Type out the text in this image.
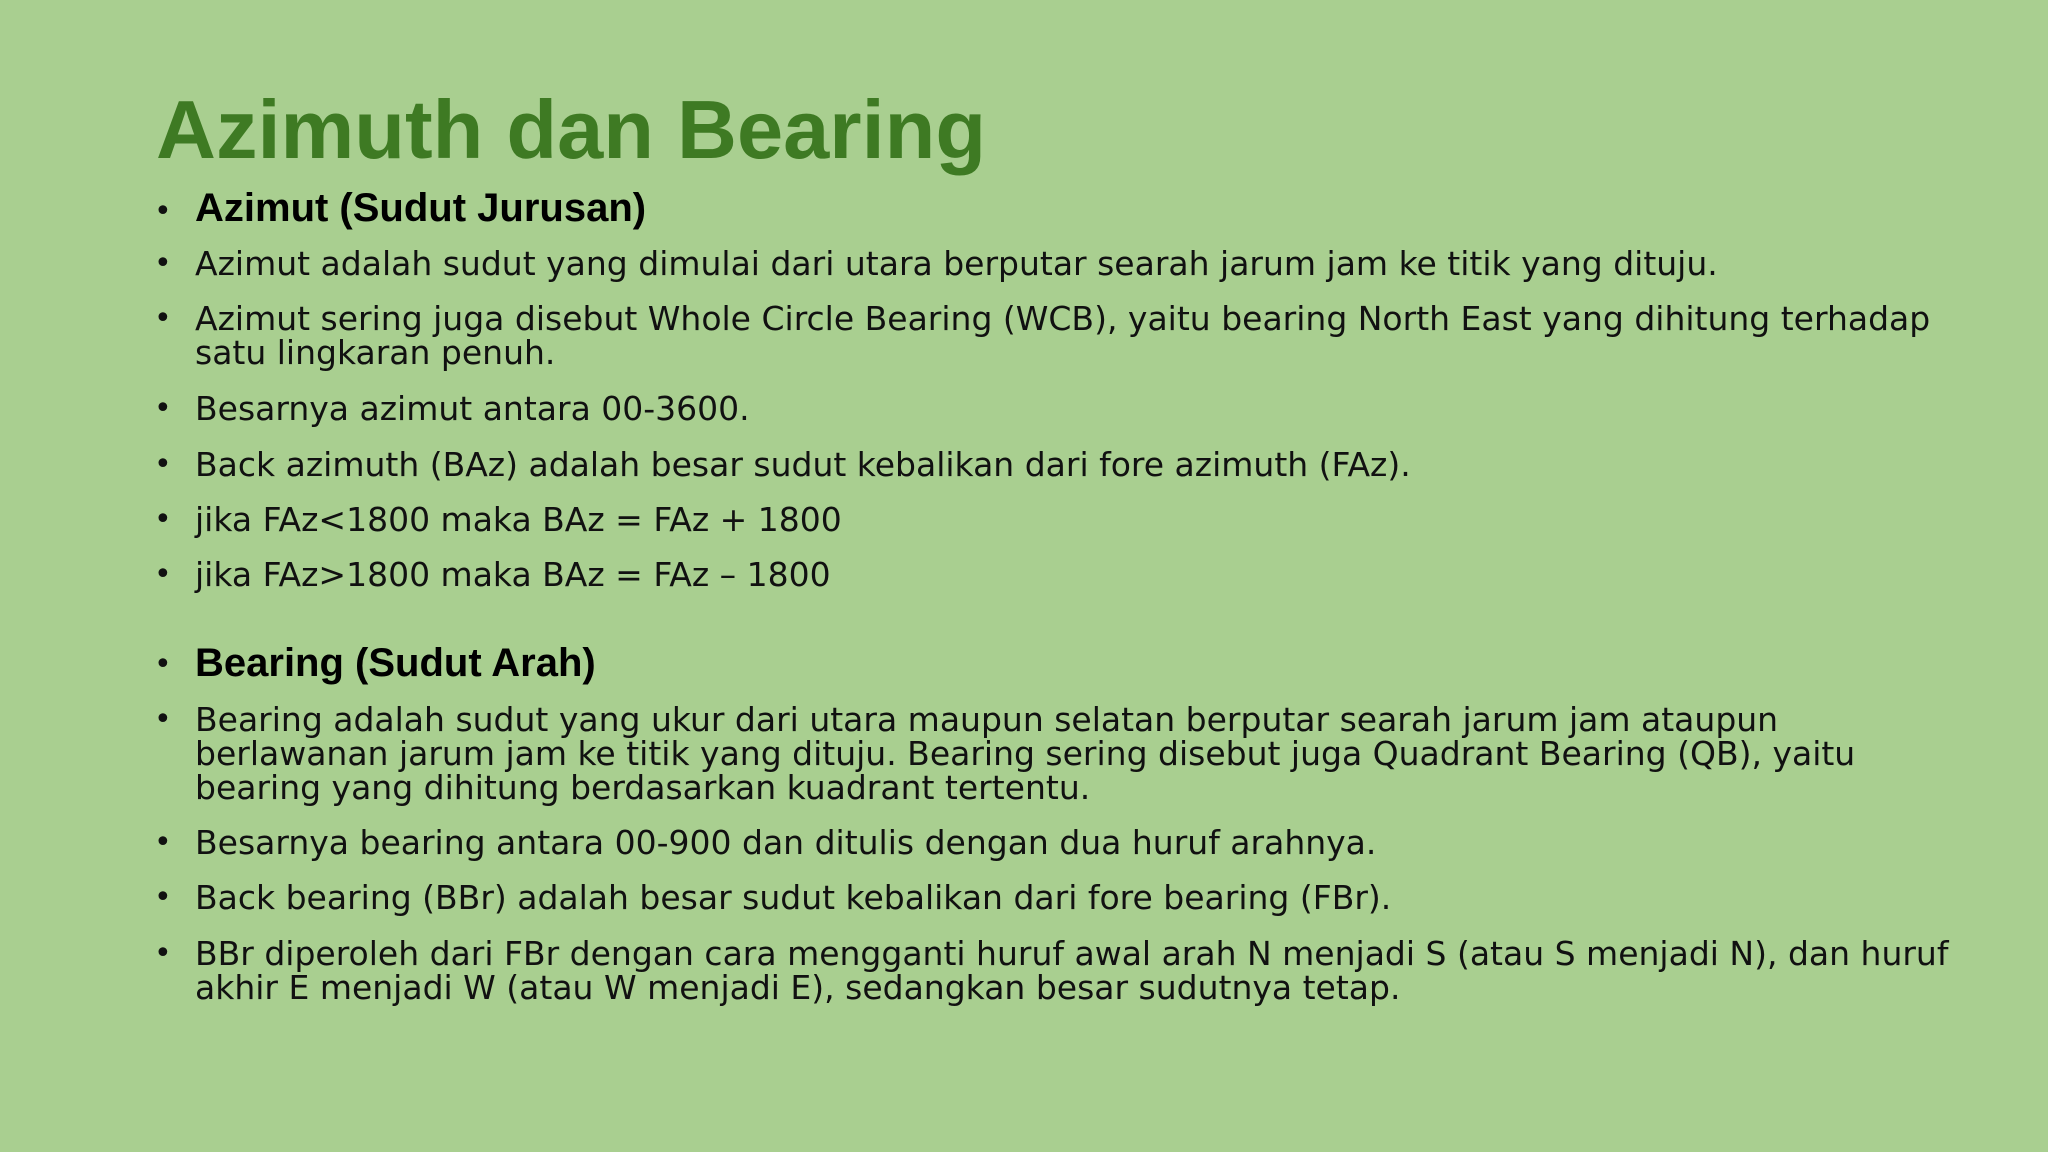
Azimuth dan Bearing
• Azimut (Sudut Jurusan)
• Azimut adalah sudut yang dimulai dari utara berputar searah jarum jam ke titik yang dituju.
• Azimut sering juga disebut Whole Circle Bearing (WCB), yaitu bearing North East yang dihitung terhadap satu lingkaran penuh.
• Besarnya azimut antara 00-3600.
• Back azimuth (BAz) adalah besar sudut kebalikan dari fore azimuth (FAz).
• jika FAz<1800 maka BAz = FAz + 1800
• jika FAz>1800 maka BAz = FAz – 1800
• Bearing (Sudut Arah)
• Bearing adalah sudut yang ukur dari utara maupun selatan berputar searah jarum jam ataupun berlawanan jarum jam ke titik yang dituju. Bearing sering disebut juga Quadrant Bearing (QB), yaitu bearing yang dihitung berdasarkan kuadrant tertentu.
• Besarnya bearing antara 00-900 dan ditulis dengan dua huruf arahnya.
• Back bearing (BBr) adalah besar sudut kebalikan dari fore bearing (FBr).
• BBr diperoleh dari FBr dengan cara mengganti huruf awal arah N menjadi S (atau S menjadi N), dan huruf akhir E menjadi W (atau W menjadi E), sedangkan besar sudutnya tetap.
